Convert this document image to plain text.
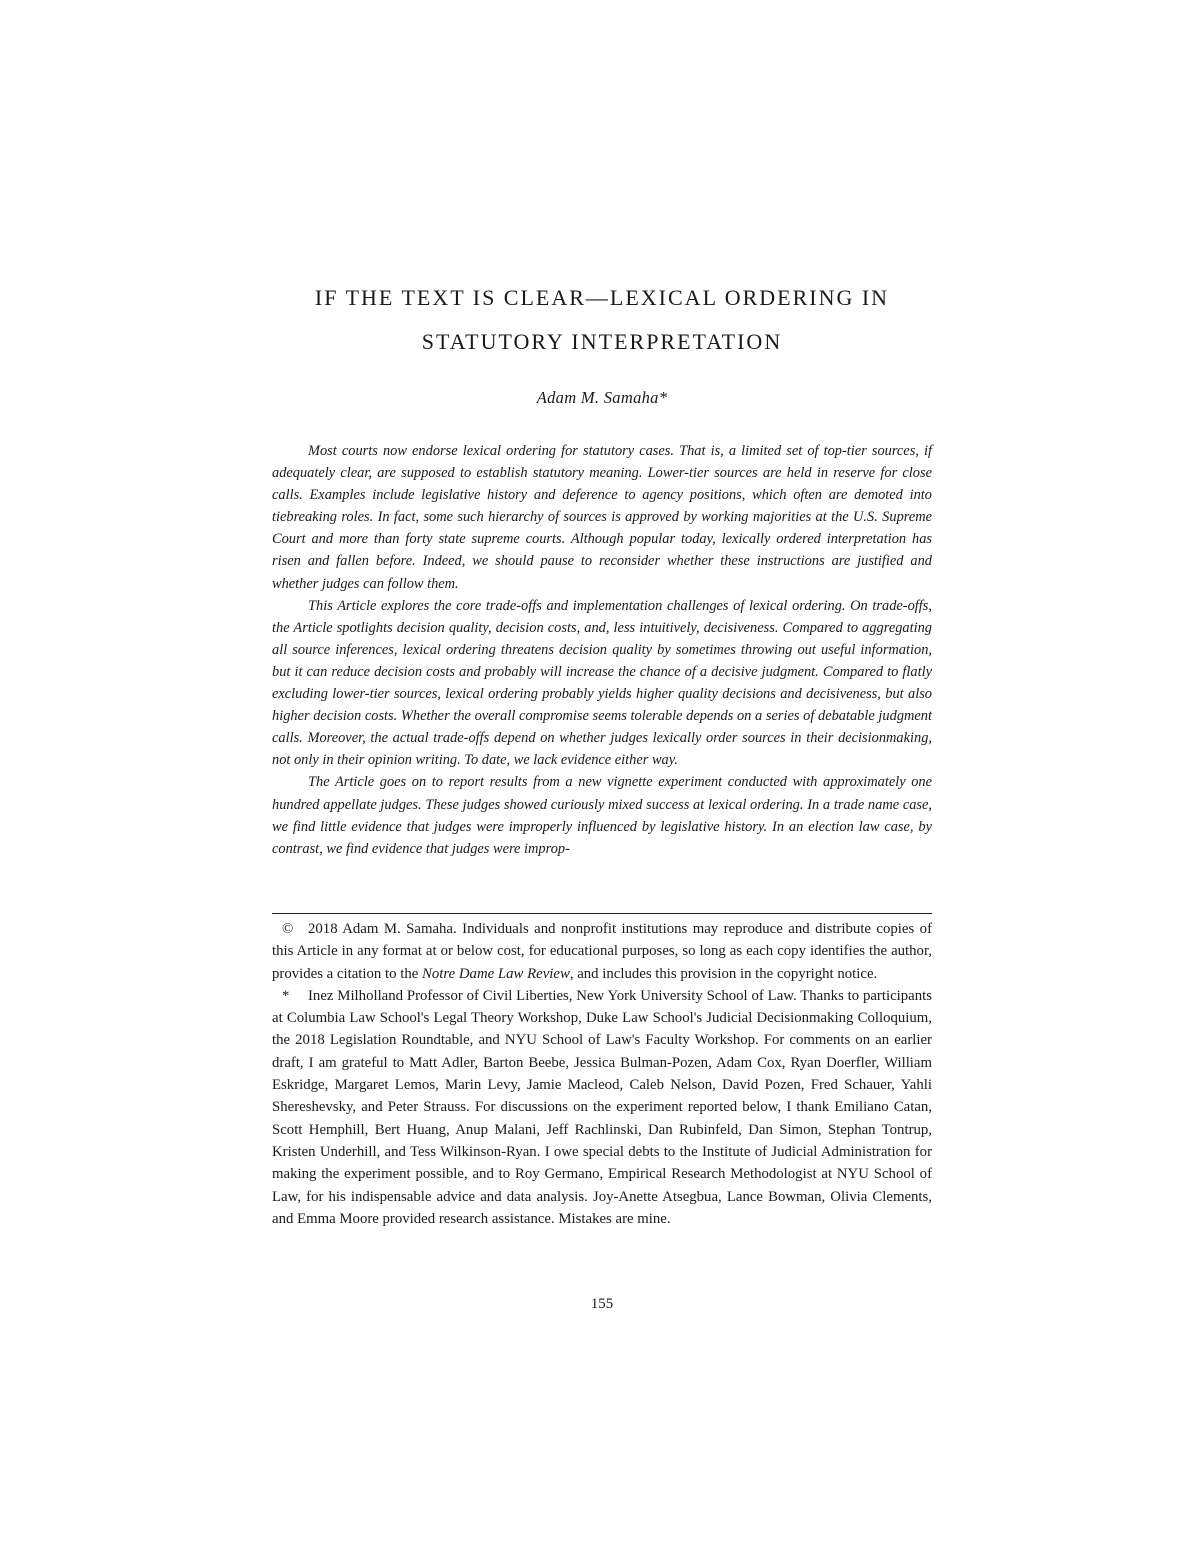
IF THE TEXT IS CLEAR—LEXICAL ORDERING IN
STATUTORY INTERPRETATION
Adam M. Samaha*

Most courts now endorse lexical ordering for statutory cases. That is, a limited set of top-tier sources, if adequately clear, are supposed to establish statutory meaning. Lower-tier sources are held in reserve for close calls. Examples include legislative history and deference to agency positions, which often are demoted into tiebreaking roles. In fact, some such hierarchy of sources is approved by working majorities at the U.S. Supreme Court and more than forty state supreme courts. Although popular today, lexically ordered interpretation has risen and fallen before. Indeed, we should pause to reconsider whether these instructions are justified and whether judges can follow them.

This Article explores the core trade-offs and implementation challenges of lexical ordering. On trade-offs, the Article spotlights decision quality, decision costs, and, less intuitively, decisiveness. Compared to aggregating all source inferences, lexical ordering threatens decision quality by sometimes throwing out useful information, but it can reduce decision costs and probably will increase the chance of a decisive judgment. Compared to flatly excluding lower-tier sources, lexical ordering probably yields higher quality decisions and decisiveness, but also higher decision costs. Whether the overall compromise seems tolerable depends on a series of debatable judgment calls. Moreover, the actual trade-offs depend on whether judges lexically order sources in their decisionmaking, not only in their opinion writing. To date, we lack evidence either way.

The Article goes on to report results from a new vignette experiment conducted with approximately one hundred appellate judges. These judges showed curiously mixed success at lexical ordering. In a trade name case, we find little evidence that judges were improperly influenced by legislative history. In an election law case, by contrast, we find evidence that judges were improp-

© 2018 Adam M. Samaha. Individuals and nonprofit institutions may reproduce and distribute copies of this Article in any format at or below cost, for educational purposes, so long as each copy identifies the author, provides a citation to the Notre Dame Law Review, and includes this provision in the copyright notice.

* Inez Milholland Professor of Civil Liberties, New York University School of Law. Thanks to participants at Columbia Law School's Legal Theory Workshop, Duke Law School's Judicial Decisionmaking Colloquium, the 2018 Legislation Roundtable, and NYU School of Law's Faculty Workshop. For comments on an earlier draft, I am grateful to Matt Adler, Barton Beebe, Jessica Bulman-Pozen, Adam Cox, Ryan Doerfler, William Eskridge, Margaret Lemos, Marin Levy, Jamie Macleod, Caleb Nelson, David Pozen, Fred Schauer, Yahli Shereshevsky, and Peter Strauss. For discussions on the experiment reported below, I thank Emiliano Catan, Scott Hemphill, Bert Huang, Anup Malani, Jeff Rachlinski, Dan Rubinfeld, Dan Simon, Stephan Tontrup, Kristen Underhill, and Tess Wilkinson-Ryan. I owe special debts to the Institute of Judicial Administration for making the experiment possible, and to Roy Germano, Empirical Research Methodologist at NYU School of Law, for his indispensable advice and data analysis. Joy-Anette Atsegbua, Lance Bowman, Olivia Clements, and Emma Moore provided research assistance. Mistakes are mine.

155
